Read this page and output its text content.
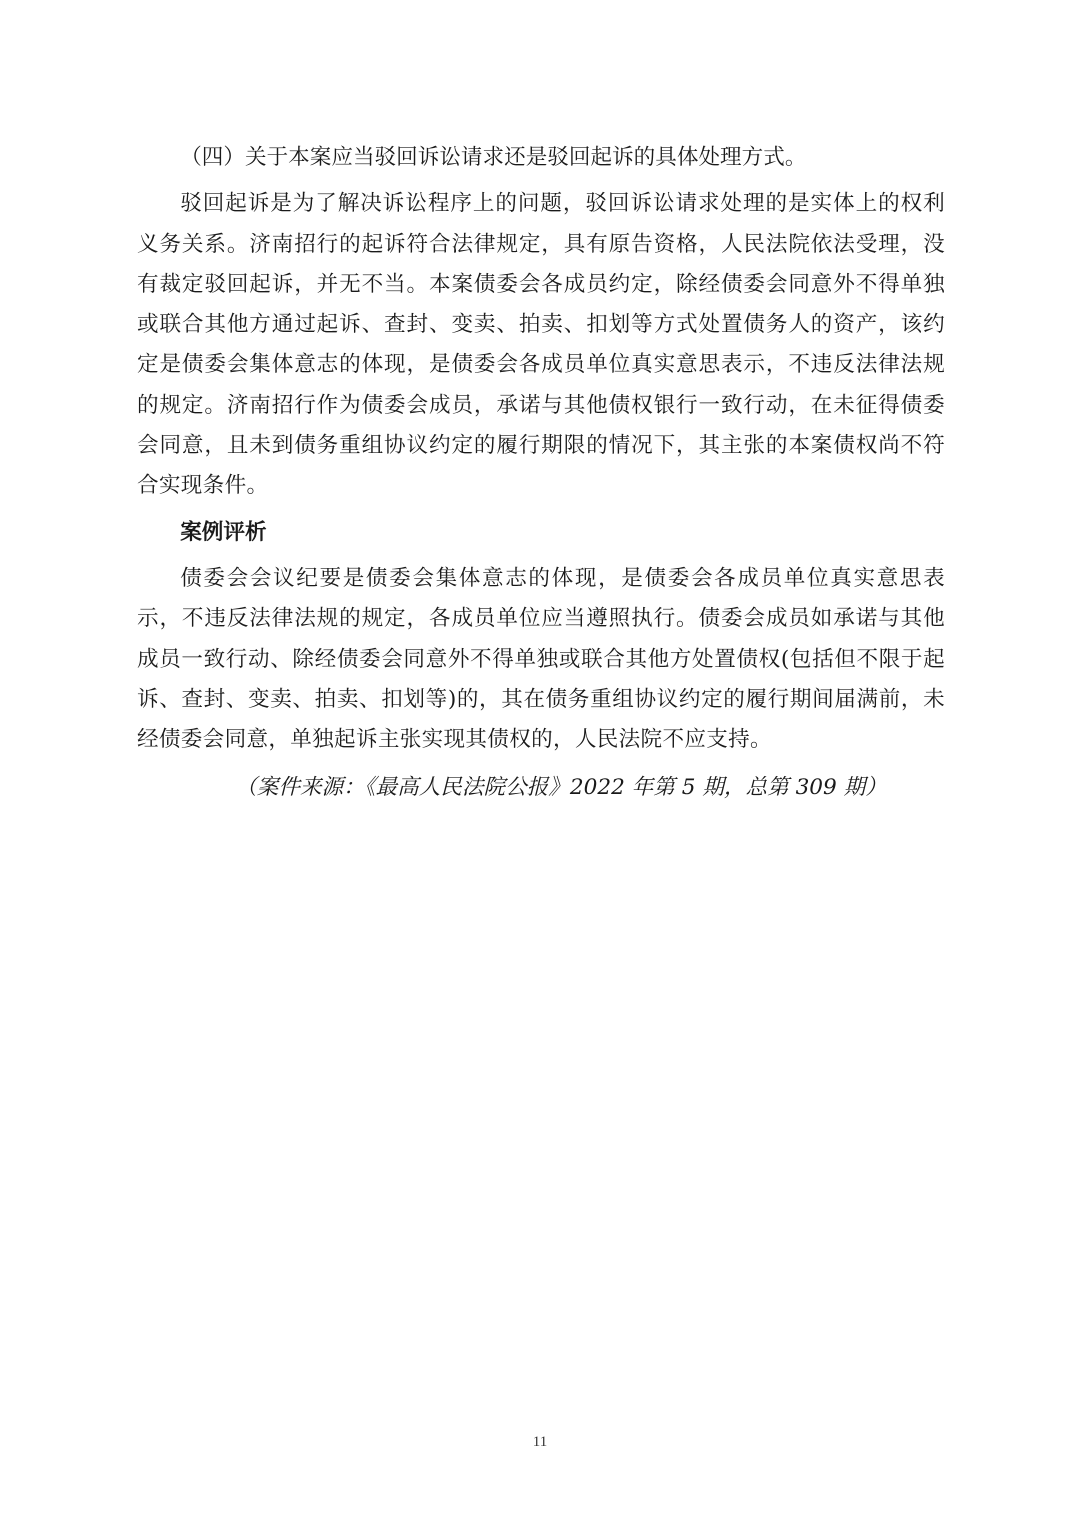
（四）关于本案应当驳回诉讼请求还是驳回起诉的具体处理方式。

驳回起诉是为了解决诉讼程序上的问题，驳回诉讼请求处理的是实体上的权利义务关系。济南招行的起诉符合法律规定，具有原告资格，人民法院依法受理，没有裁定驳回起诉，并无不当。本案债委会各成员约定，除经债委会同意外不得单独或联合其他方通过起诉、查封、变卖、拍卖、扣划等方式处置债务人的资产，该约定是债委会集体意志的体现，是债委会各成员单位真实意思表示，不违反法律法规的规定。济南招行作为债委会成员，承诺与其他债权银行一致行动，在未征得债委会同意，且未到债务重组协议约定的履行期限的情况下，其主张的本案债权尚不符合实现条件。

案例评析

债委会会议纪要是债委会集体意志的体现，是债委会各成员单位真实意思表示，不违反法律法规的规定，各成员单位应当遵照执行。债委会成员如承诺与其他成员一致行动、除经债委会同意外不得单独或联合其他方处置债权(包括但不限于起诉、查封、变卖、拍卖、扣划等)的，其在债务重组协议约定的履行期间届满前，未经债委会同意，单独起诉主张实现其债权的，人民法院不应支持。

（案件来源：《最高人民法院公报》2022 年第 5 期，总第 309 期）

11
